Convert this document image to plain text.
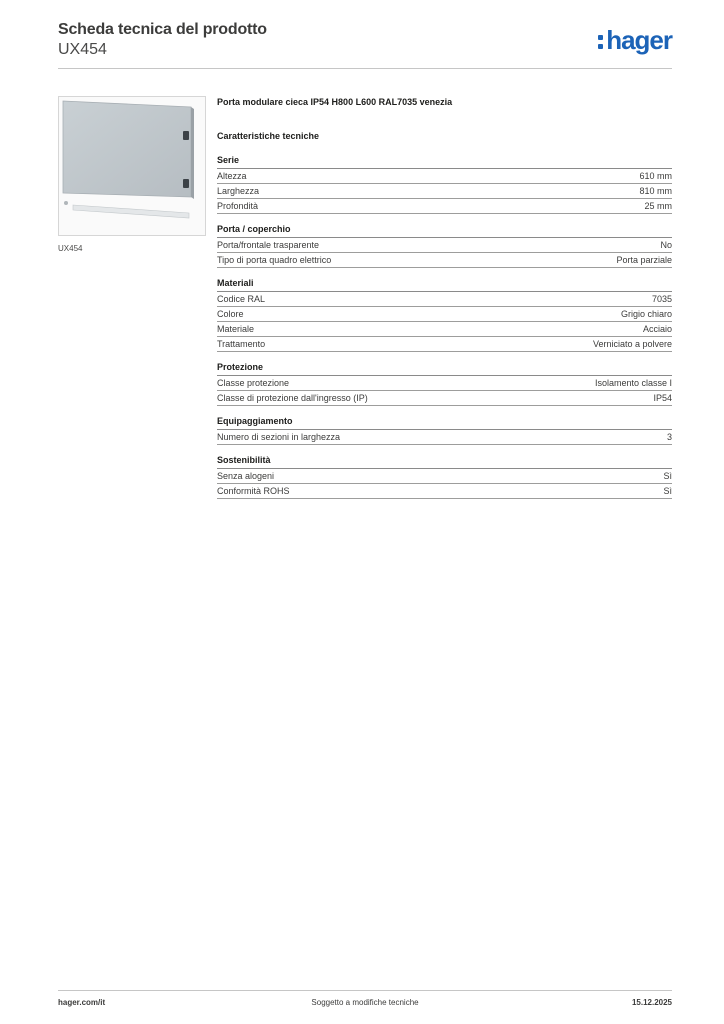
Scheda tecnica del prodotto
UX454	hager
UX454
Porta modulare cieca IP54 H800 L600 RAL7035 venezia
Caratteristiche tecniche
Serie
Altezza	610 mm
Larghezza	810 mm
Profondità	25 mm
Porta / coperchio
Porta/frontale trasparente	No
Tipo di porta quadro elettrico	Porta parziale
Materiali
Codice RAL	7035
Colore	Grigio chiaro
Materiale	Acciaio
Trattamento	Verniciato a polvere
Protezione
Classe protezione	Isolamento classe I
Classe di protezione dall'ingresso (IP)	IP54
Equipaggiamento
Numero di sezioni in larghezza	3
Sostenibilità
Senza alogeni	Sì
Conformità ROHS	Sì
hager.com/it	Soggetto a modifiche tecniche	15.12.2025
